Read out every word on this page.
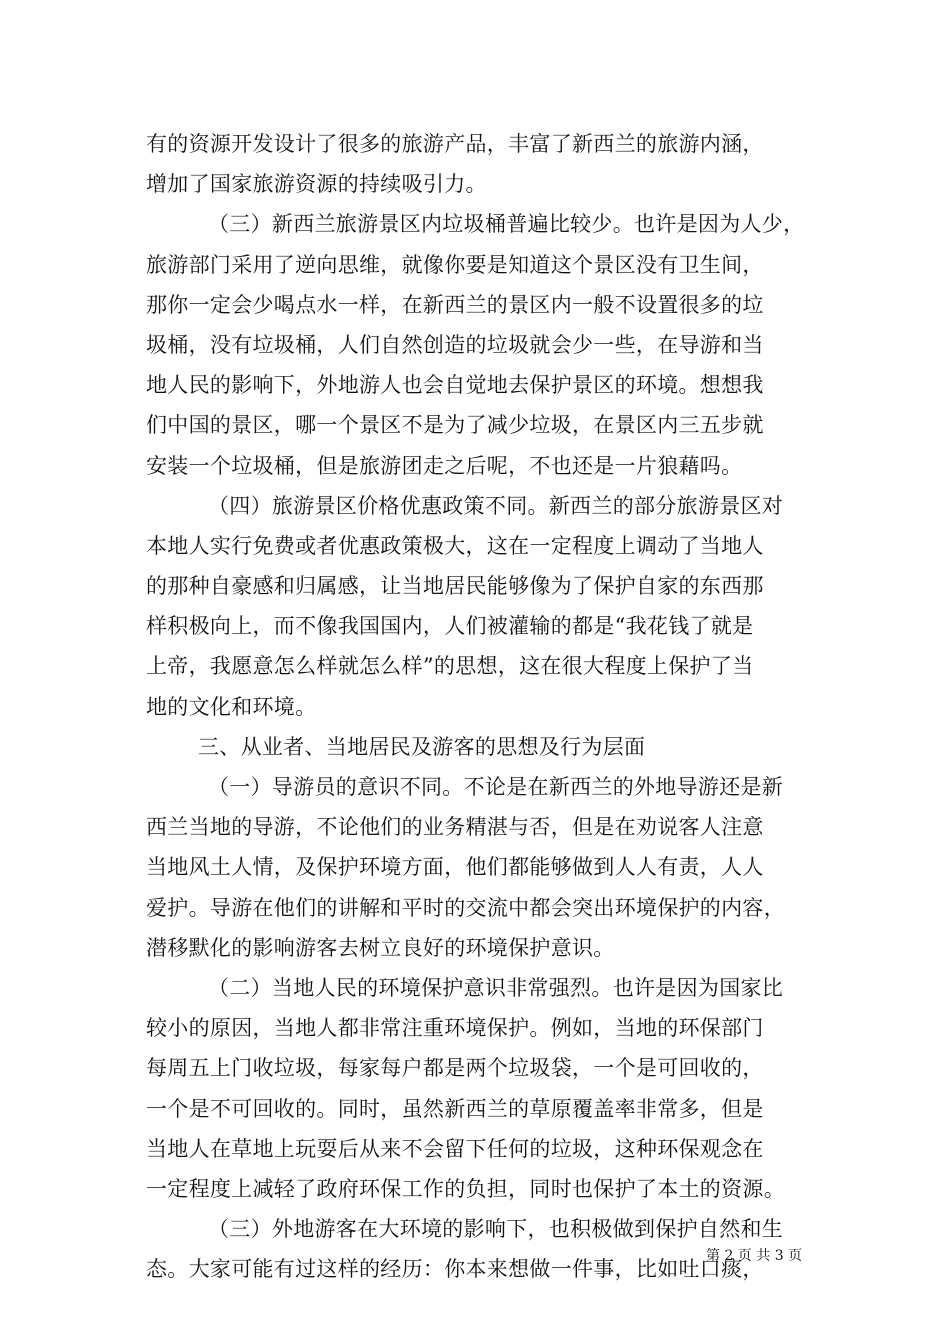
有的资源开发设计了很多的旅游产品，丰富了新西兰的旅游内涵，
增加了国家旅游资源的持续吸引力。
（三）新西兰旅游景区内垃圾桶普遍比较少。也许是因为人少，
旅游部门采用了逆向思维，就像你要是知道这个景区没有卫生间，
那你一定会少喝点水一样，在新西兰的景区内一般不设置很多的垃
圾桶，没有垃圾桶，人们自然创造的垃圾就会少一些，在导游和当
地人民的影响下，外地游人也会自觉地去保护景区的环境。想想我
们中国的景区，哪一个景区不是为了减少垃圾，在景区内三五步就
安装一个垃圾桶，但是旅游团走之后呢，不也还是一片狼藉吗。
（四）旅游景区价格优惠政策不同。新西兰的部分旅游景区对
本地人实行免费或者优惠政策极大，这在一定程度上调动了当地人
的那种自豪感和归属感，让当地居民能够像为了保护自家的东西那
样积极向上，而不像我国国内，人们被灌输的都是“我花钱了就是
上帝，我愿意怎么样就怎么样”的思想，这在很大程度上保护了当
地的文化和环境。
三、从业者、当地居民及游客的思想及行为层面
（一）导游员的意识不同。不论是在新西兰的外地导游还是新
西兰当地的导游，不论他们的业务精湛与否，但是在劝说客人注意
当地风土人情，及保护环境方面，他们都能够做到人人有责，人人
爱护。导游在他们的讲解和平时的交流中都会突出环境保护的内容，
潜移默化的影响游客去树立良好的环境保护意识。
（二）当地人民的环境保护意识非常强烈。也许是因为国家比
较小的原因，当地人都非常注重环境保护。例如，当地的环保部门
每周五上门收垃圾，每家每户都是两个垃圾袋，一个是可回收的，
一个是不可回收的。同时，虽然新西兰的草原覆盖率非常多，但是
当地人在草地上玩耍后从来不会留下任何的垃圾，这种环保观念在
一定程度上减轻了政府环保工作的负担，同时也保护了本土的资源。
（三）外地游客在大环境的影响下，也积极做到保护自然和生
态。大家可能有过这样的经历：你本来想做一件事，比如吐口痰，
第 2 页 共 3 页
